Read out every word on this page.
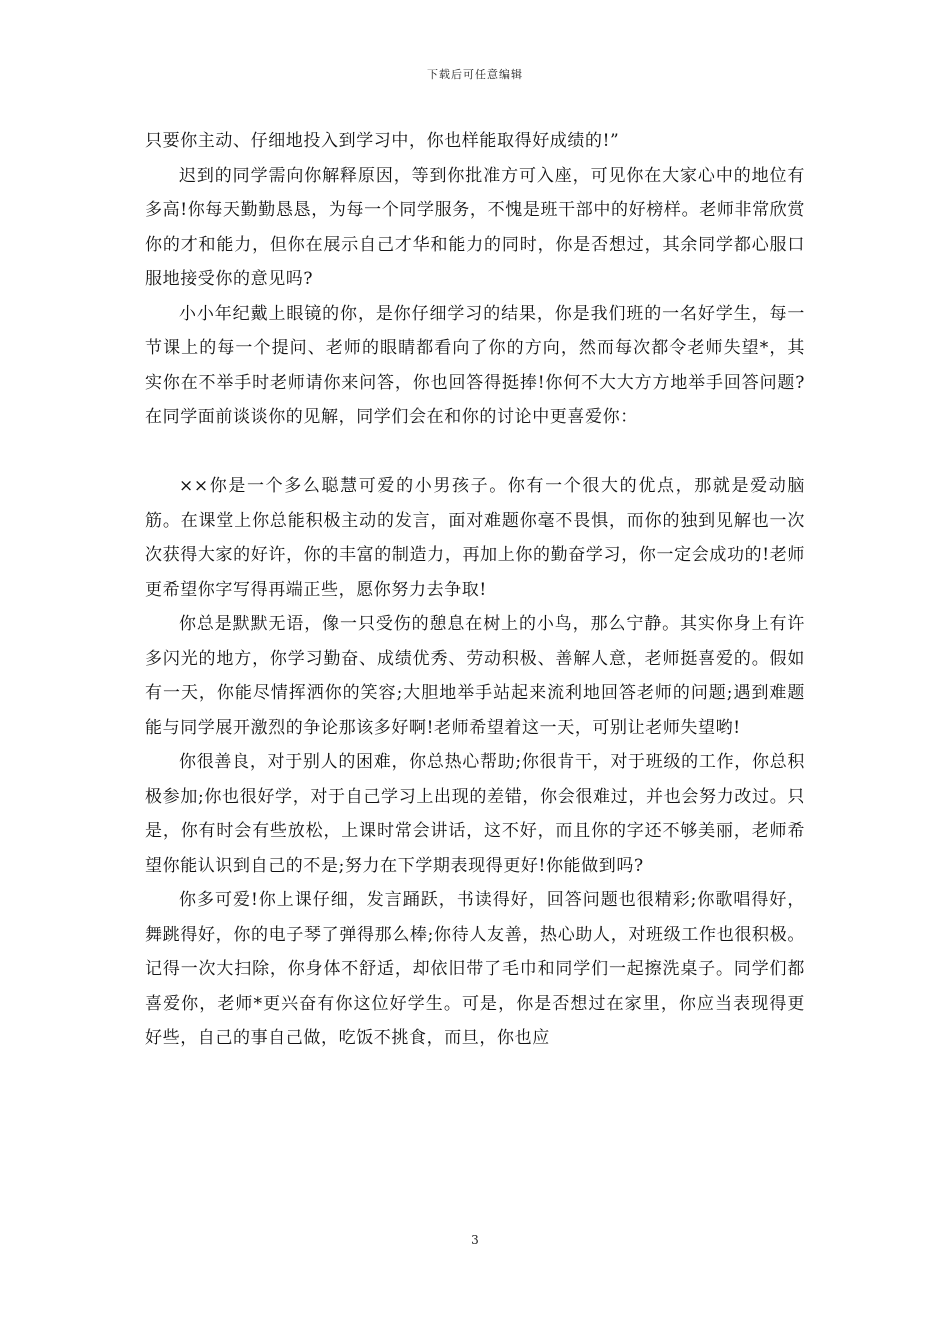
下载后可任意编辑

只要你主动、仔细地投入到学习中，你也样能取得好成绩的!”

迟到的同学需向你解释原因，等到你批准方可入座，可见你在大家心中的地位有多高!你每天勤勤恳恳，为每一个同学服务，不愧是班干部中的好榜样。老师非常欣赏你的才和能力，但你在展示自己才华和能力的同时，你是否想过，其余同学都心服口服地接受你的意见吗?

小小年纪戴上眼镜的你，是你仔细学习的结果，你是我们班的一名好学生，每一节课上的每一个提问、老师的眼睛都看向了你的方向，然而每次都令老师失望*，其实你在不举手时老师请你来问答，你也回答得挺捧!你何不大大方方地举手回答问题?在同学面前谈谈你的见解，同学们会在和你的讨论中更喜爱你：

××你是一个多么聪慧可爱的小男孩子。你有一个很大的优点，那就是爱动脑筋。在课堂上你总能积极主动的发言，面对难题你毫不畏惧，而你的独到见解也一次次获得大家的好许，你的丰富的制造力，再加上你的勤奋学习，你一定会成功的!老师更希望你字写得再端正些，愿你努力去争取!

你总是默默无语，像一只受伤的憩息在树上的小鸟，那么宁静。其实你身上有许多闪光的地方，你学习勤奋、成绩优秀、劳动积极、善解人意，老师挺喜爱的。假如有一天，你能尽情挥洒你的笑容;大胆地举手站起来流利地回答老师的问题;遇到难题能与同学展开激烈的争论那该多好啊!老师希望着这一天，可别让老师失望哟!

你很善良，对于别人的困难，你总热心帮助;你很肯干，对于班级的工作，你总积极参加;你也很好学，对于自己学习上出现的差错，你会很难过，并也会努力改过。只是，你有时会有些放松，上课时常会讲话，这不好，而且你的字还不够美丽，老师希望你能认识到自己的不是;努力在下学期表现得更好!你能做到吗?

你多可爱!你上课仔细，发言踊跃，书读得好，回答问题也很精彩;你歌唱得好，舞跳得好，你的电子琴了弹得那么棒;你待人友善，热心助人，对班级工作也很积极。记得一次大扫除，你身体不舒适，却依旧带了毛巾和同学们一起擦洗桌子。同学们都喜爱你，老师*更兴奋有你这位好学生。可是，你是否想过在家里，你应当表现得更好些，自己的事自己做，吃饭不挑食，而旦，你也应

3
